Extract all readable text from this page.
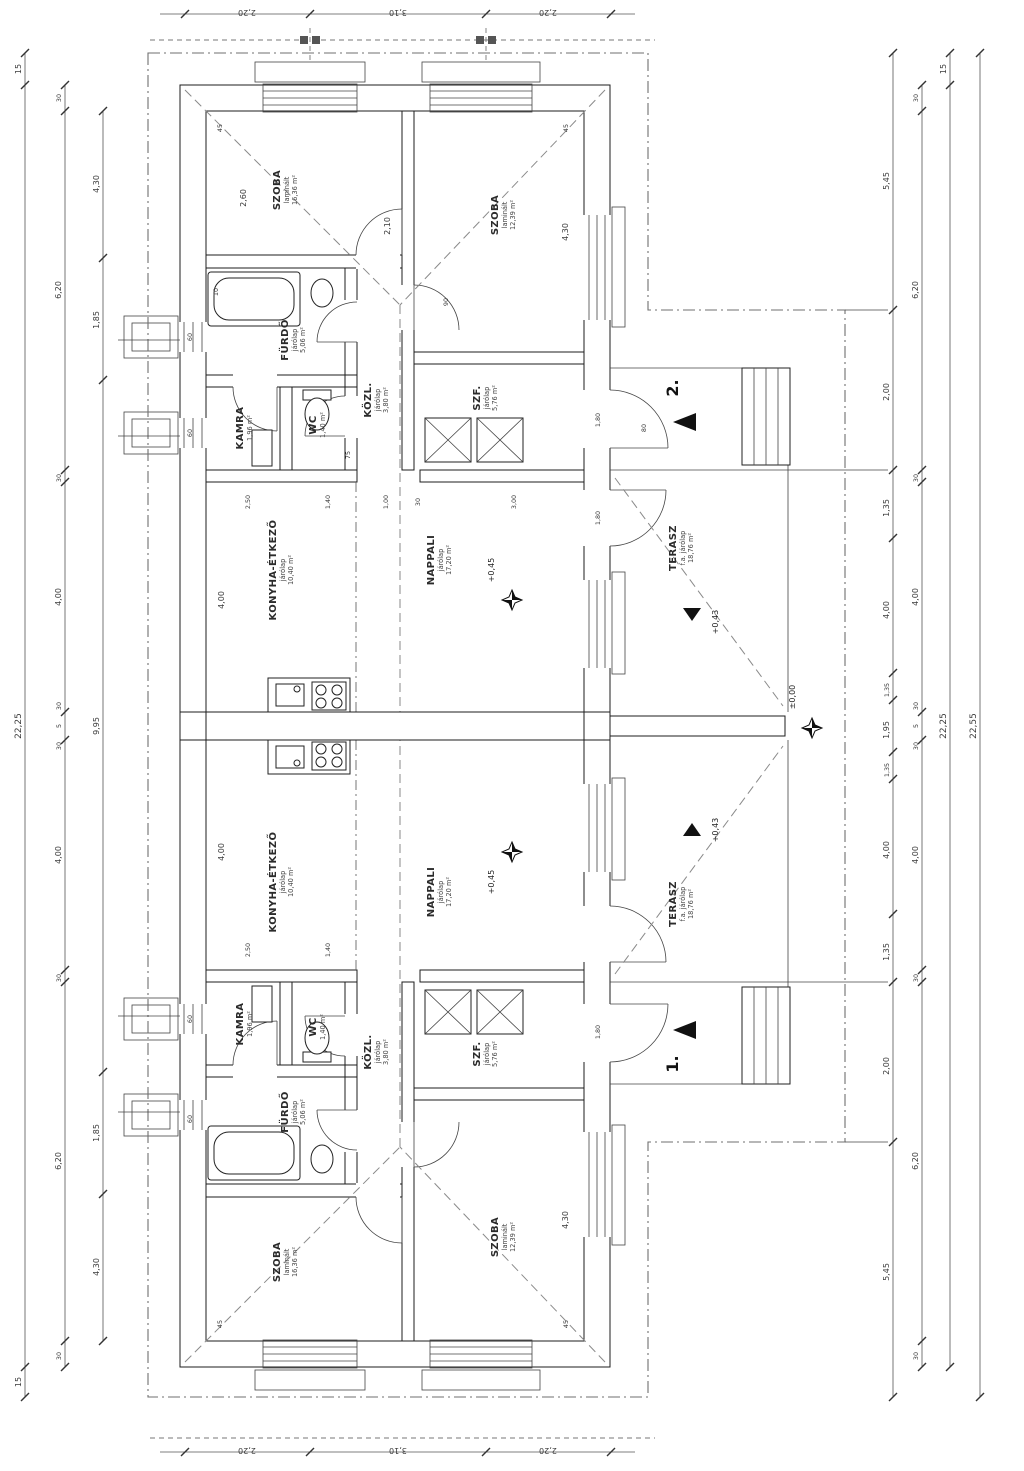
SZOBA laminált 16,36 m²
SZOBA laminált 12,39 m²
FÜRDŐ járólap 5,06 m²
KAMRA 1,96 m²	WC 1,40 m²
KÖZL. járólap 3,80 m²	SZF. járólap 5,76 m²
KONYHA-ÉTKEZŐ járólap 10,40 m²	NAPPALI járólap 17,20 m²	TERASZ f.a. járólap 18,76 m²
SZOBA laminált 16,36 m²
SZOBA laminált 12,39 m²
FÜRDŐ járólap 5,06 m²
KAMRA 1,96 m²	WC 1,40 m²
KÖZL. járólap 3,80 m²	SZF. járólap 5,76 m²
KONYHA-ÉTKEZŐ járólap 10,40 m²	NAPPALI járólap 17,20 m²	TERASZ f.a. járólap 18,76 m²
+0,45
+0,45
+0,43
+0,43
±0,00
2.
1.
2,20	3,10	2,20
2,20	3,10	2,20
15
22,25
15
30
6,20
30
4,00
30
5
30
4,00
30
6,20
30
4,30
1,85
9,95
1,85
4,30
5,45
2,00
1,35
4,00
1,35
1,95
1,35
4,00
1,35
2,00
5,45
30
6,20
30
4,00
30
5
30
4,00
30
6,20
30
15
22,25 22,55
45	45
45	45
2,60
2,10	4,30
4,30
90
10
2,50	1,40	1,00	30	3,00
2,50	1,40
4,00
4,00
1,80
80
1,80
1,80
75
60
60
60
60
